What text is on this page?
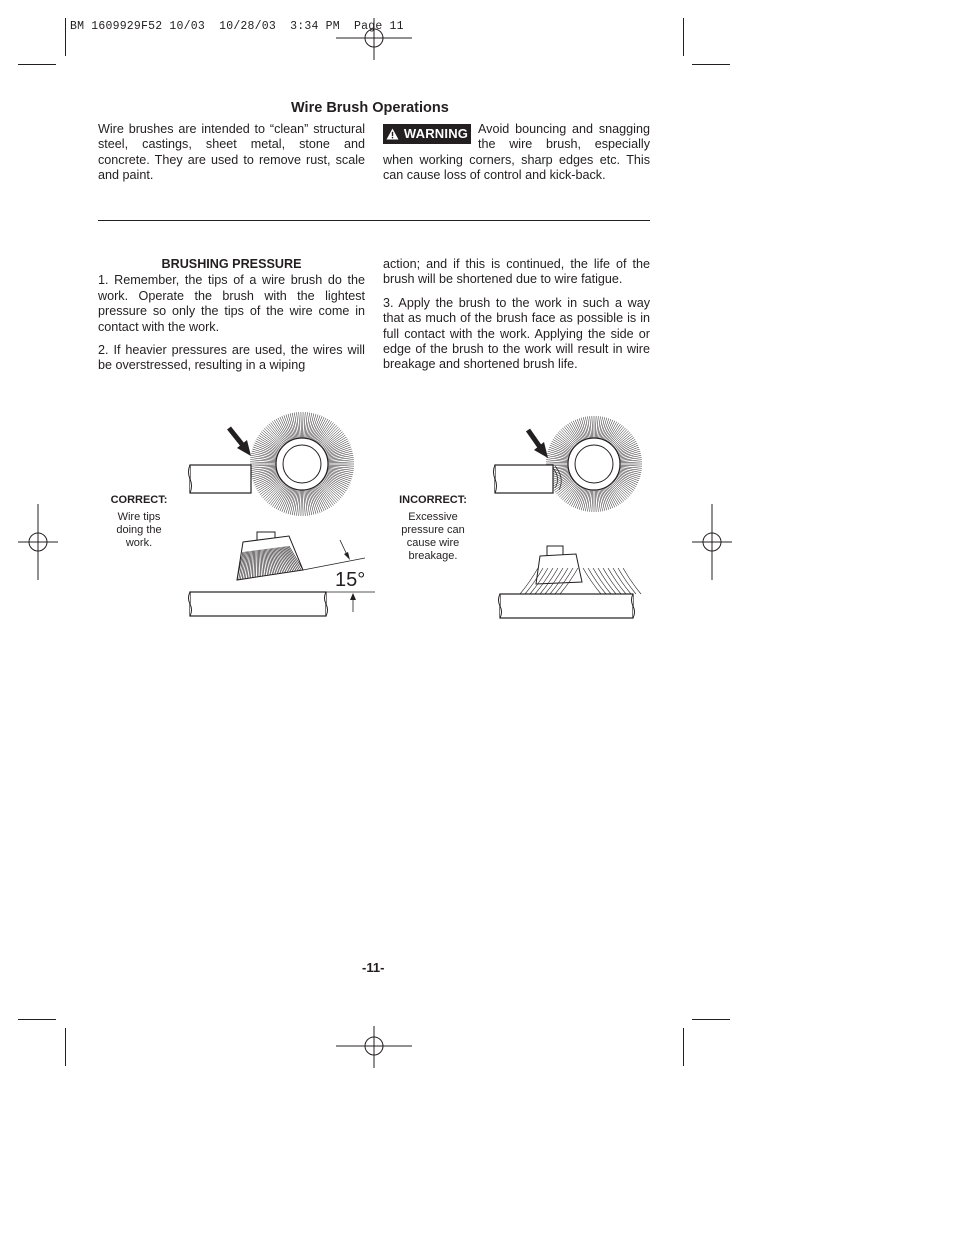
BM 1609929F52 10/03  10/28/03  3:34 PM  Page 11
Wire Brush Operations

Wire brushes are intended to “clean” structural steel, castings, sheet metal, stone and concrete. They are used to remove rust, scale and paint.

WARNING Avoid bouncing and snagging the wire brush, especially when working corners, sharp edges etc. This can cause loss of control and kick-back.
BRUSHING PRESSURE

1. Remember, the tips of a wire brush do the work. Operate the brush with the lightest pressure so only the tips of the wire come in contact with the work.

2. If heavier pressures are used, the wires will be overstressed, resulting in a wiping

action; and if this is continued, the life of the brush will be shortened due to wire fatigue.

3. Apply the brush to the work in such a way that as much of the brush face as possible is in full contact with the work. Applying the side or edge of the brush to the work will result in wire breakage and shortened brush life.

CORRECT:
Wire tips doing the work.
INCORRECT:
Excessive pressure can cause wire breakage.
15°
-11-
